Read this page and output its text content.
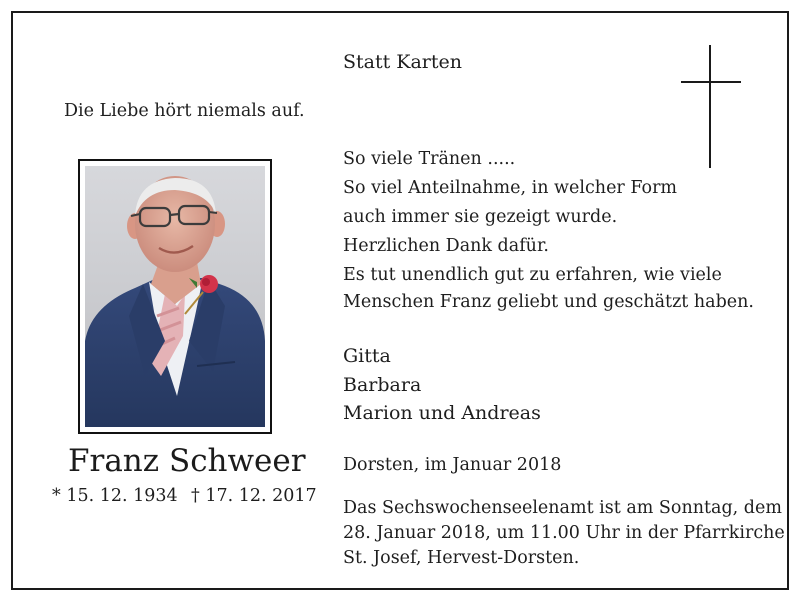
Statt Karten
Die Liebe hört niemals auf.
Franz Schweer
* 15. 12. 1934 † 17. 12. 2017

So viele Tränen .....

So viel Anteilnahme, in welcher Form

auch immer sie gezeigt wurde.

Herzlichen Dank dafür.

Es tut unendlich gut zu erfahren, wie viele

Menschen Franz geliebt und geschätzt haben.

Gitta

Barbara

Marion und Andreas

Dorsten, im Januar 2018

Das Sechswochenseelenamt ist am Sonntag, dem

28. Januar 2018, um 11.00 Uhr in der Pfarrkirche

St. Josef, Hervest-Dorsten.
